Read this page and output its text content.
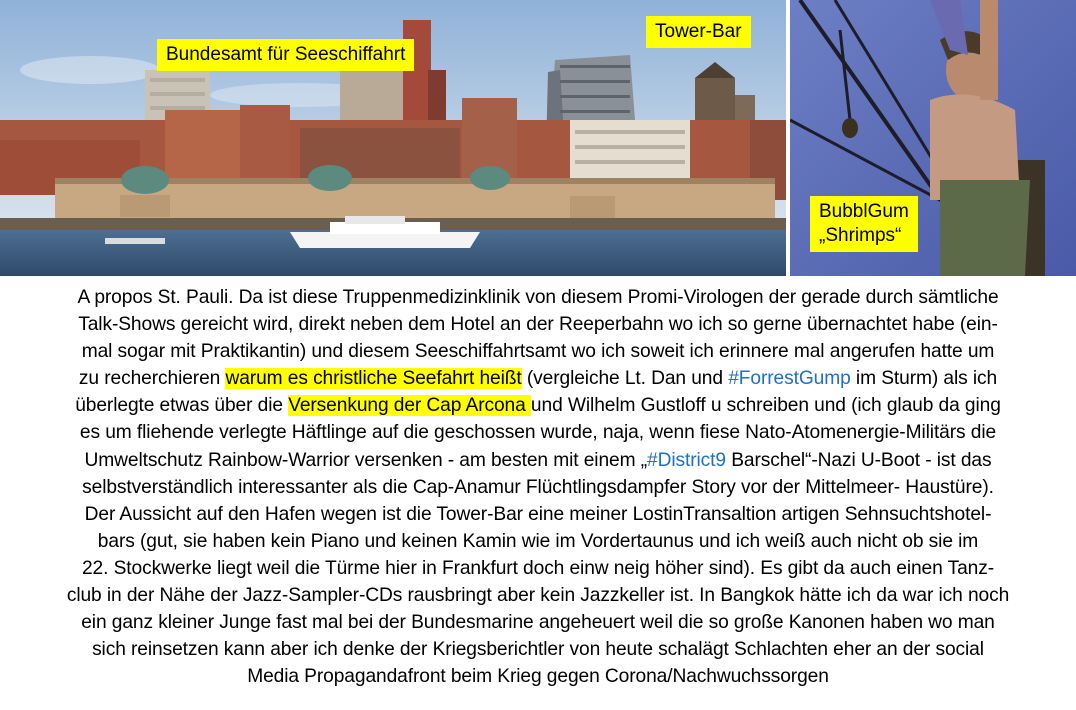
Bundesamt für Seeschiffahrt
Tower-Bar
BubblGum
„Shrimps“
A propos St. Pauli. Da ist diese Truppenmedizinklinik von diesem Promi-Virologen der gerade durch sämtliche
Talk-Shows gereicht wird, direkt neben dem Hotel an der Reeperbahn wo ich so gerne übernachtet habe (ein-
mal sogar mit Praktikantin) und diesem Seeschiffahrtsamt wo ich soweit ich erinnere mal angerufen hatte um
zu recherchieren warum es christliche Seefahrt heißt (vergleiche Lt. Dan und #ForrestGump im Sturm) als ich
überlegte etwas über die Versenkung der Cap Arcona und Wilhelm Gustloff u schreiben und (ich glaub da ging
es um fliehende verlegte Häftlinge auf die geschossen wurde, naja, wenn fiese Nato-Atomenergie-Militärs die
Umweltschutz Rainbow-Warrior versenken - am besten mit einem „#District9 Barschel“-Nazi U-Boot - ist das
selbstverständlich interessanter als die Cap-Anamur Flüchtlingsdampfer Story vor der Mittelmeer- Haustüre).
Der Aussicht auf den Hafen wegen ist die Tower-Bar eine meiner LostinTransaltion artigen Sehnsuchtshotel-
bars (gut, sie haben kein Piano und keinen Kamin wie im Vordertaunus und ich weiß auch nicht ob sie im
22. Stockwerke liegt weil die Türme hier in Frankfurt doch einw neig höher sind). Es gibt da auch einen Tanz-
club in der Nähe der Jazz-Sampler-CDs rausbringt aber kein Jazzkeller ist. In Bangkok hätte ich da war ich noch
ein ganz kleiner Junge fast mal bei der Bundesmarine angeheuert weil die so große Kanonen haben wo man
sich reinsetzen kann aber ich denke der Kriegsberichtler von heute schalägt Schlachten eher an der social
Media Propagandafront beim Krieg gegen Corona/Nachwuchssorgen
